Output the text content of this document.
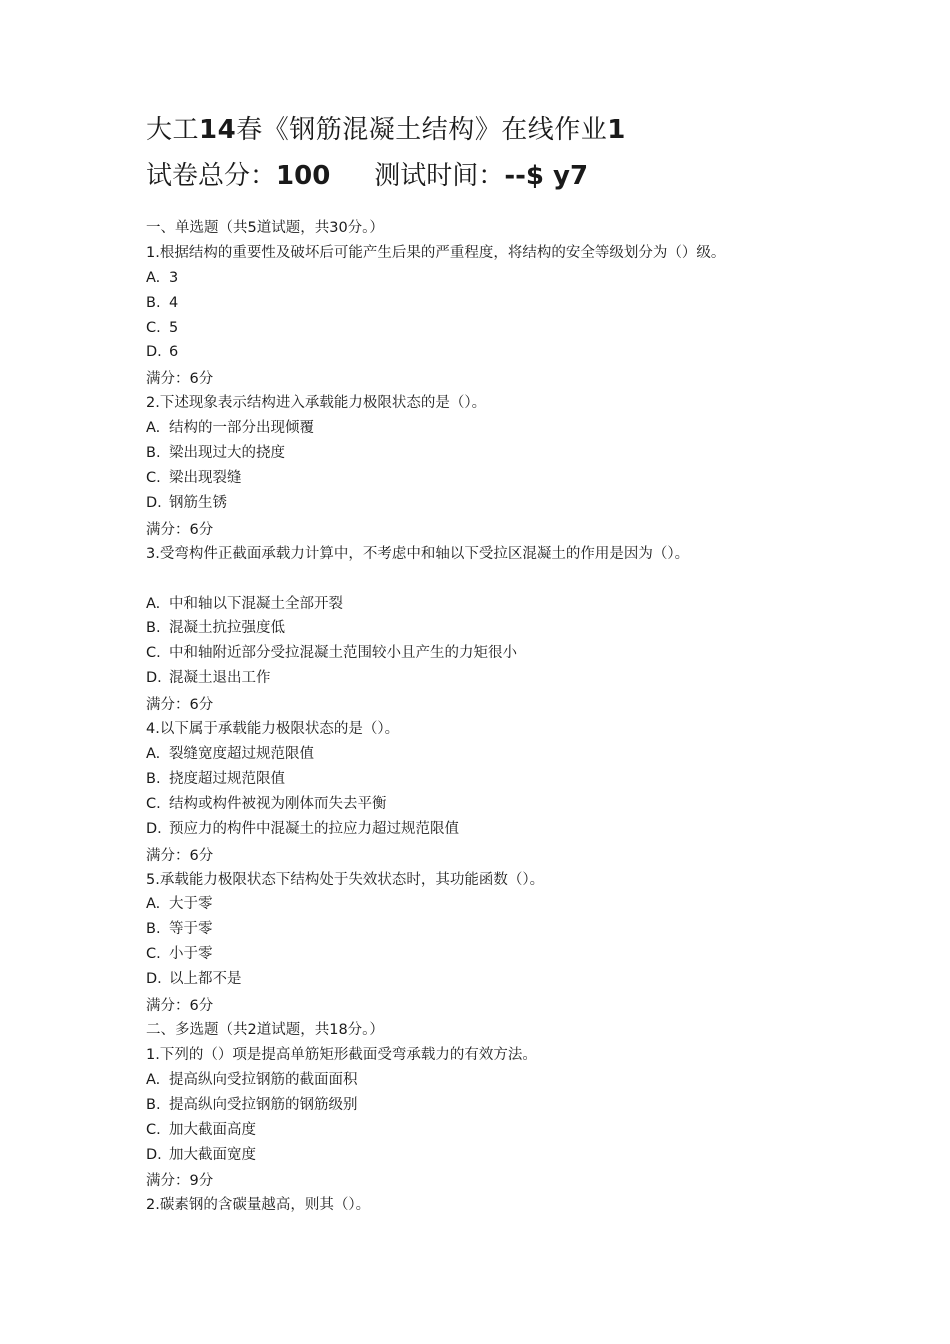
大工14春《钢筋混凝土结构》在线作业1
试卷总分：100 测试时间：--$ y7
一、单选题（共5道试题，共30分。）
1.根据结构的重要性及破坏后可能产生后果的严重程度，将结构的安全等级划分为（）级。
A. 3
B. 4
C. 5
D. 6
满分：6分
2.下述现象表示结构进入承载能力极限状态的是（）。
A. 结构的一部分出现倾覆
B. 梁出现过大的挠度
C. 梁出现裂缝
D. 钢筋生锈
满分：6分
3.受弯构件正截面承载力计算中，不考虑中和轴以下受拉区混凝土的作用是因为（）。
A. 中和轴以下混凝土全部开裂
B. 混凝土抗拉强度低
C. 中和轴附近部分受拉混凝土范围较小且产生的力矩很小
D. 混凝土退出工作
满分：6分
4.以下属于承载能力极限状态的是（）。
A. 裂缝宽度超过规范限值
B. 挠度超过规范限值
C. 结构或构件被视为刚体而失去平衡
D. 预应力的构件中混凝土的拉应力超过规范限值
满分：6分
5.承载能力极限状态下结构处于失效状态时，其功能函数（）。
A. 大于零
B. 等于零
C. 小于零
D. 以上都不是
满分：6分
二、多选题（共2道试题，共18分。）
1.下列的（）项是提高单筋矩形截面受弯承载力的有效方法。
A. 提高纵向受拉钢筋的截面面积
B. 提高纵向受拉钢筋的钢筋级别
C. 加大截面高度
D. 加大截面宽度
满分：9分
2.碳素钢的含碳量越高，则其（）。
